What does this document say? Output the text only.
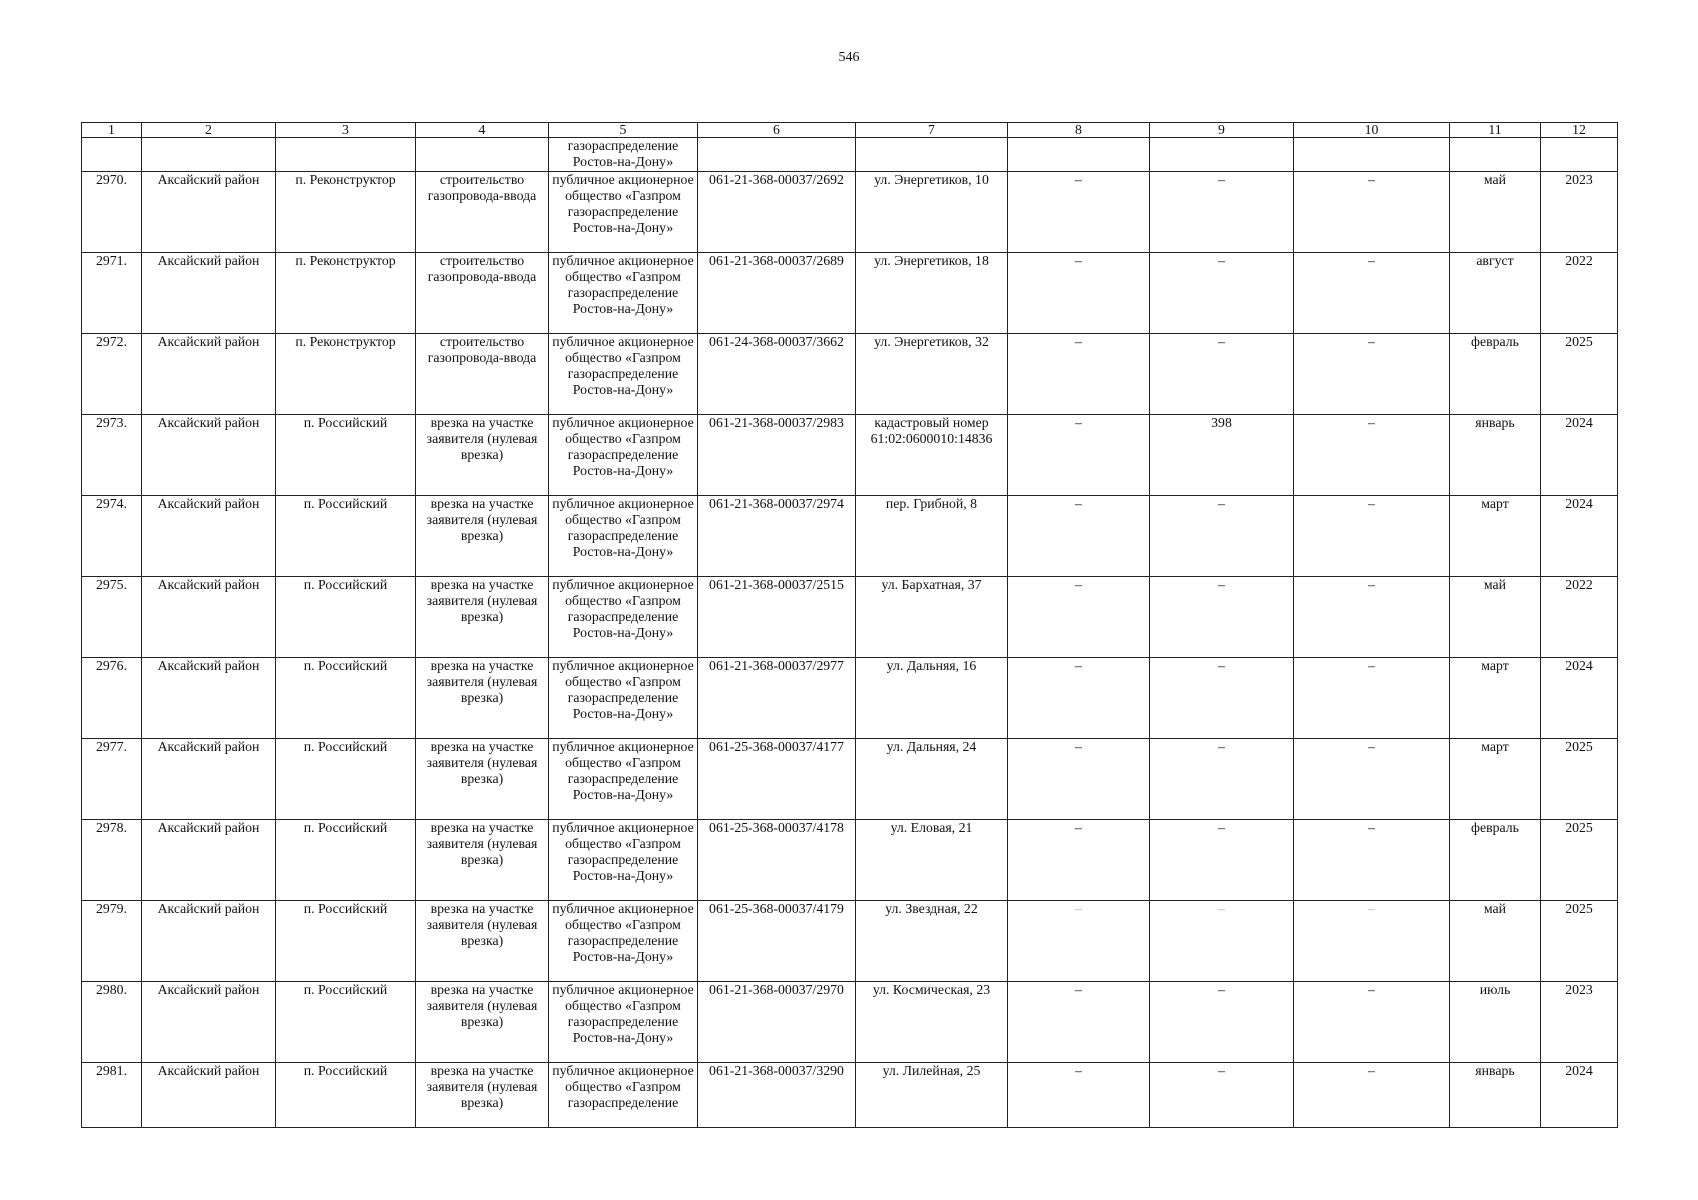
546
1	2	3	4	5	6	7	8	9	10	11	12
				газораспределение Ростов-на-Дону»							
2970.	Аксайский район	п. Реконструктор	строительство газопровода-ввода	публичное акционерное общество «Газпром газораспределение Ростов-на-Дону»	061-21-368-00037/2692	ул. Энергетиков, 10	–	–	–	май	2023
2971.	Аксайский район	п. Реконструктор	строительство газопровода-ввода	публичное акционерное общество «Газпром газораспределение Ростов-на-Дону»	061-21-368-00037/2689	ул. Энергетиков, 18	–	–	–	август	2022
2972.	Аксайский район	п. Реконструктор	строительство газопровода-ввода	публичное акционерное общество «Газпром газораспределение Ростов-на-Дону»	061-24-368-00037/3662	ул. Энергетиков, 32	–	–	–	февраль	2025
2973.	Аксайский район	п. Российский	врезка на участке заявителя (нулевая врезка)	публичное акционерное общество «Газпром газораспределение Ростов-на-Дону»	061-21-368-00037/2983	кадастровый номер 61:02:0600010:14836	–	398	–	январь	2024
2974.	Аксайский район	п. Российский	врезка на участке заявителя (нулевая врезка)	публичное акционерное общество «Газпром газораспределение Ростов-на-Дону»	061-21-368-00037/2974	пер. Грибной, 8	–	–	–	март	2024
2975.	Аксайский район	п. Российский	врезка на участке заявителя (нулевая врезка)	публичное акционерное общество «Газпром газораспределение Ростов-на-Дону»	061-21-368-00037/2515	ул. Бархатная, 37	–	–	–	май	2022
2976.	Аксайский район	п. Российский	врезка на участке заявителя (нулевая врезка)	публичное акционерное общество «Газпром газораспределение Ростов-на-Дону»	061-21-368-00037/2977	ул. Дальняя, 16	–	–	–	март	2024
2977.	Аксайский район	п. Российский	врезка на участке заявителя (нулевая врезка)	публичное акционерное общество «Газпром газораспределение Ростов-на-Дону»	061-25-368-00037/4177	ул. Дальняя, 24	–	–	–	март	2025
2978.	Аксайский район	п. Российский	врезка на участке заявителя (нулевая врезка)	публичное акционерное общество «Газпром газораспределение Ростов-на-Дону»	061-25-368-00037/4178	ул. Еловая, 21	–	–	–	февраль	2025
2979.	Аксайский район	п. Российский	врезка на участке заявителя (нулевая врезка)	публичное акционерное общество «Газпром газораспределение Ростов-на-Дону»	061-25-368-00037/4179	ул. Звездная, 22	–	–	–	май	2025
2980.	Аксайский район	п. Российский	врезка на участке заявителя (нулевая врезка)	публичное акционерное общество «Газпром газораспределение Ростов-на-Дону»	061-21-368-00037/2970	ул. Космическая, 23	–	–	–	июль	2023
2981.	Аксайский район	п. Российский	врезка на участке заявителя (нулевая врезка)	публичное акционерное общество «Газпром газораспределение	061-21-368-00037/3290	ул. Лилейная, 25	–	–	–	январь	2024
